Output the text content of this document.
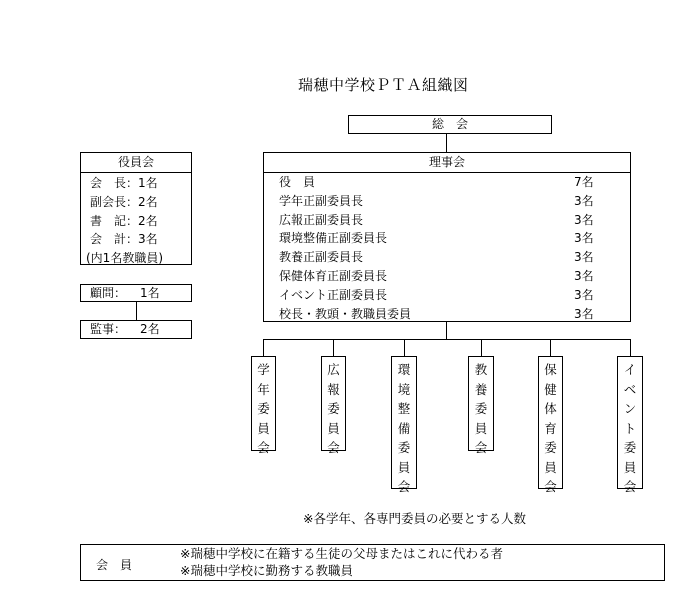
瑞穂中学校ＰＴＡ組織図
総　会
役員会
会　長：1名
副会長：2名
書　記：2名
会　計：3名
(内1名教職員)
顧問： 1名
監事： 2名
理事会
役　員	7名
学年正副委員長	3名
広報正副委員長	3名
環境整備正副委員長	3名
教養正副委員長	3名
保健体育正副委員長	3名
イベント正副委員長	3名
校長・教頭・教職員委員	3名
学
年
委
員
会
広
報
委
員
会
環
境
整
備
委
員
会
教
養
委
員
会
保
健
体
育
委
員
会
イ
ベ
ン
ト
委
員
会
※各学年、各専門委員の必要とする人数
会　員
※瑞穂中学校に在籍する生徒の父母またはこれに代わる者
※瑞穂中学校に勤務する教職員
